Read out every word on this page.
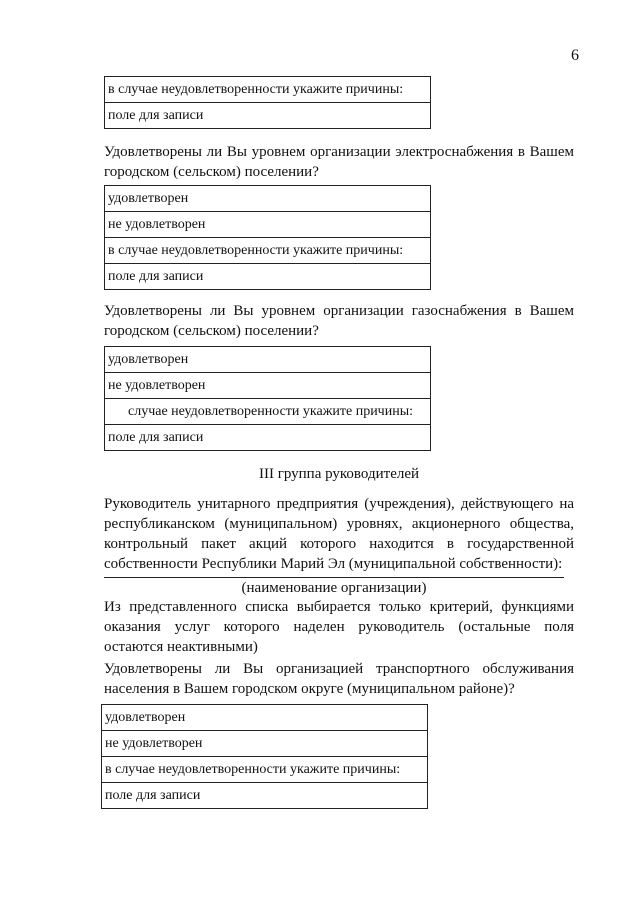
6
в случае неудовлетворенности укажите причины:
поле для записи
Удовлетворены ли Вы уровнем организации электроснабжения в Вашем городском (сельском) поселении?
удовлетворен
не удовлетворен
в случае неудовлетворенности укажите причины:
поле для записи
Удовлетворены ли Вы уровнем организации газоснабжения в Вашем городском (сельском) поселении?
удовлетворен
не удовлетворен
случае неудовлетворенности укажите причины:
поле для записи
III группа руководителей
Руководитель унитарного предприятия (учреждения), действующего на республиканском (муниципальном) уровнях, акционерного общества, контрольный пакет акций которого находится в государственной собственности Республики Марий Эл (муниципальной собственности):
(наименование организации)
Из представленного списка выбирается только критерий, функциями оказания услуг которого наделен руководитель (остальные поля остаются неактивными)
Удовлетворены ли Вы организацией транспортного обслуживания населения в Вашем городском округе (муниципальном районе)?
удовлетворен
не удовлетворен
в случае неудовлетворенности укажите причины:
поле для записи
